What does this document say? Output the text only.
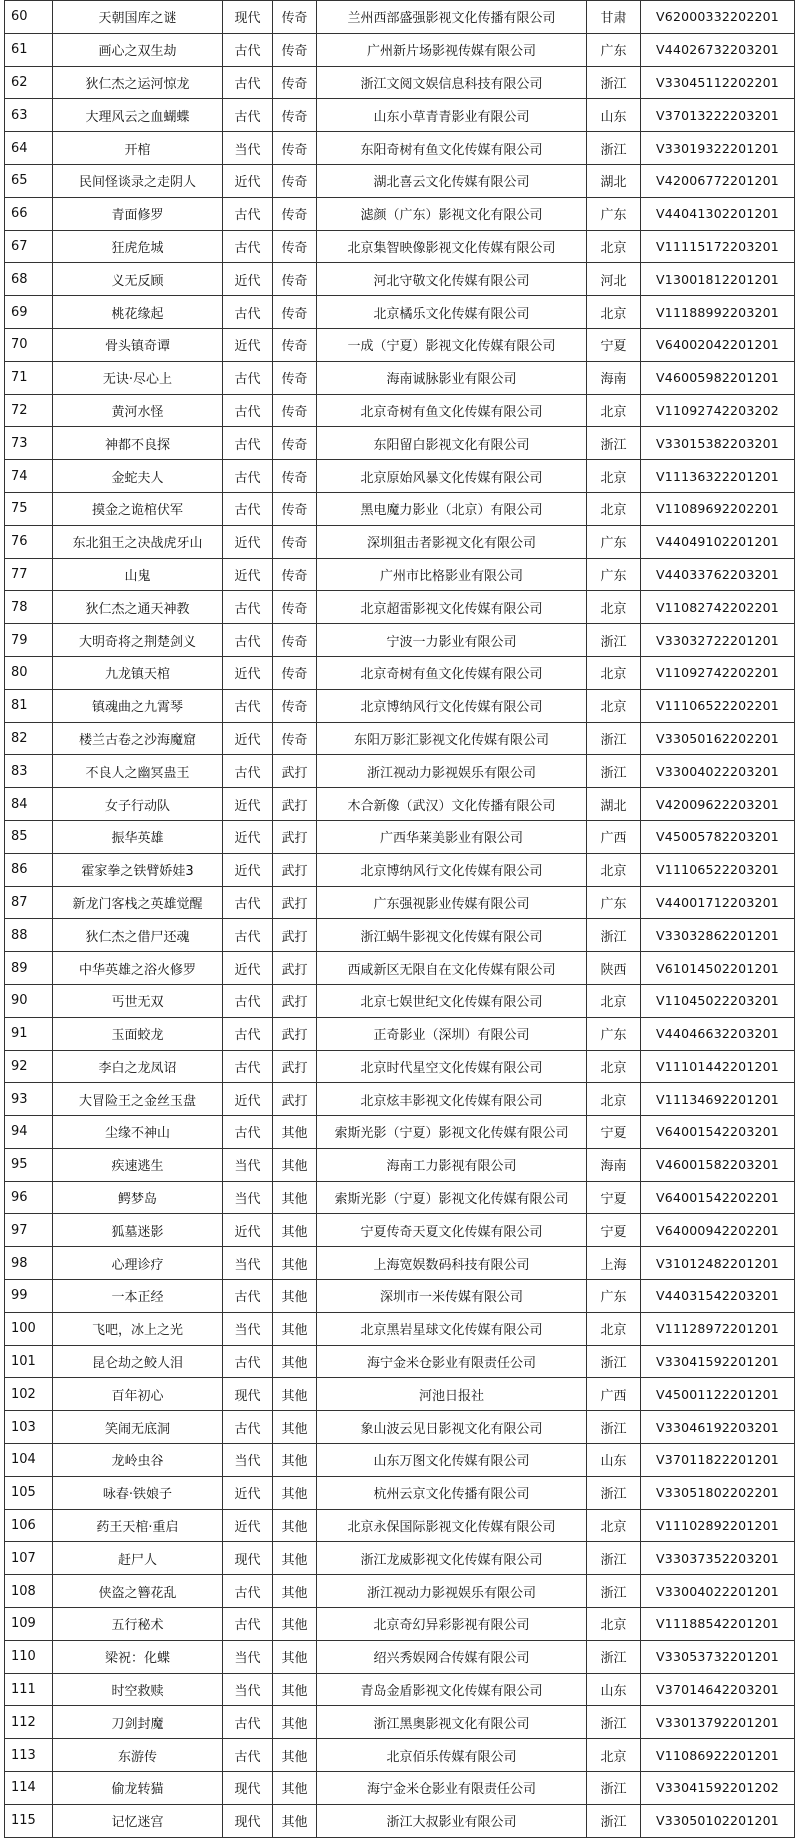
60	天朝国库之谜	现代	传奇	兰州西部盛强影视文化传播有限公司	甘肃	V62000332202201
61	画心之双生劫	古代	传奇	广州新片场影视传媒有限公司	广东	V44026732203201
62	狄仁杰之运河惊龙	古代	传奇	浙江文阅文娱信息科技有限公司	浙江	V33045112202201
63	大理风云之血蝴蝶	古代	传奇	山东小草青青影业有限公司	山东	V37013222203201
64	开棺	当代	传奇	东阳奇树有鱼文化传媒有限公司	浙江	V33019322201201
65	民间怪谈录之走阴人	近代	传奇	湖北喜云文化传媒有限公司	湖北	V42006772201201
66	青面修罗	古代	传奇	滤颜（广东）影视文化有限公司	广东	V44041302201201
67	狂虎危城	古代	传奇	北京集智映像影视文化传媒有限公司	北京	V11115172203201
68	义无反顾	近代	传奇	河北守敬文化传媒有限公司	河北	V13001812201201
69	桃花缘起	古代	传奇	北京橘乐文化传媒有限公司	北京	V11188992203201
70	骨头镇奇谭	近代	传奇	一成（宁夏）影视文化传媒有限公司	宁夏	V64002042201201
71	无诀·尽心上	古代	传奇	海南诚脉影业有限公司	海南	V46005982201201
72	黄河水怪	古代	传奇	北京奇树有鱼文化传媒有限公司	北京	V11092742203202
73	神都不良探	古代	传奇	东阳留白影视文化有限公司	浙江	V33015382203201
74	金蛇夫人	古代	传奇	北京原始风暴文化传媒有限公司	北京	V11136322201201
75	摸金之诡棺伏军	古代	传奇	黑电魔力影业（北京）有限公司	北京	V11089692202201
76	东北狙王之决战虎牙山	近代	传奇	深圳狙击者影视文化有限公司	广东	V44049102201201
77	山鬼	近代	传奇	广州市比格影业有限公司	广东	V44033762203201
78	狄仁杰之通天神教	古代	传奇	北京超雷影视文化传媒有限公司	北京	V11082742202201
79	大明奇将之荆楚剑义	古代	传奇	宁波一力影业有限公司	浙江	V33032722201201
80	九龙镇天棺	近代	传奇	北京奇树有鱼文化传媒有限公司	北京	V11092742202201
81	镇魂曲之九霄琴	古代	传奇	北京博纳风行文化传媒有限公司	北京	V11106522202201
82	楼兰古卷之沙海魔窟	近代	传奇	东阳万影汇影视文化传媒有限公司	浙江	V33050162202201
83	不良人之幽冥蛊王	古代	武打	浙江视动力影视娱乐有限公司	浙江	V33004022203201
84	女子行动队	近代	武打	木合新像（武汉）文化传播有限公司	湖北	V42009622203201
85	振华英雄	近代	武打	广西华莱美影业有限公司	广西	V45005782203201
86	霍家拳之铁臂娇娃3	近代	武打	北京博纳风行文化传媒有限公司	北京	V11106522203201
87	新龙门客栈之英雄觉醒	古代	武打	广东强视影业传媒有限公司	广东	V44001712203201
88	狄仁杰之借尸还魂	古代	武打	浙江蜗牛影视文化传媒有限公司	浙江	V33032862201201
89	中华英雄之浴火修罗	近代	武打	西咸新区无限自在文化传媒有限公司	陕西	V61014502201201
90	丐世无双	古代	武打	北京七娱世纪文化传媒有限公司	北京	V11045022203201
91	玉面蛟龙	古代	武打	正奇影业（深圳）有限公司	广东	V44046632203201
92	李白之龙凤诏	古代	武打	北京时代星空文化传媒有限公司	北京	V11101442201201
93	大冒险王之金丝玉盘	近代	武打	北京炫丰影视文化传媒有限公司	北京	V11134692201201
94	尘缘不神山	古代	其他	索斯光影（宁夏）影视文化传媒有限公司	宁夏	V64001542203201
95	疾速逃生	当代	其他	海南工力影视有限公司	海南	V46001582203201
96	鳄梦岛	当代	其他	索斯光影（宁夏）影视文化传媒有限公司	宁夏	V64001542202201
97	狐墓迷影	近代	其他	宁夏传奇天夏文化传媒有限公司	宁夏	V64000942202201
98	心理诊疗	当代	其他	上海宽娱数码科技有限公司	上海	V31012482201201
99	一本正经	古代	其他	深圳市一米传媒有限公司	广东	V44031542203201
100	飞吧，冰上之光	当代	其他	北京黑岩星球文化传媒有限公司	北京	V11128972201201
101	昆仑劫之鲛人泪	古代	其他	海宁金米仓影业有限责任公司	浙江	V33041592201201
102	百年初心	现代	其他	河池日报社	广西	V45001122201201
103	笑闹无底洞	古代	其他	象山波云见日影视文化有限公司	浙江	V33046192203201
104	龙岭虫谷	当代	其他	山东万图文化传媒有限公司	山东	V37011822201201
105	咏春·铁娘子	近代	其他	杭州云京文化传播有限公司	浙江	V33051802202201
106	药王天棺·重启	近代	其他	北京永保国际影视文化传媒有限公司	北京	V11102892201201
107	赶尸人	现代	其他	浙江龙威影视文化传媒有限公司	浙江	V33037352203201
108	侠盗之簪花乱	古代	其他	浙江视动力影视娱乐有限公司	浙江	V33004022201201
109	五行秘术	古代	其他	北京奇幻异彩影视有限公司	北京	V11188542201201
110	梁祝：化蝶	当代	其他	绍兴秀娱网合传媒有限公司	浙江	V33053732201201
111	时空救赎	当代	其他	青岛金盾影视文化传媒有限公司	山东	V37014642203201
112	刀剑封魔	古代	其他	浙江黑奥影视文化有限公司	浙江	V33013792201201
113	东游传	古代	其他	北京佰乐传媒有限公司	北京	V11086922201201
114	偷龙转猫	现代	其他	海宁金米仓影业有限责任公司	浙江	V33041592201202
115	记忆迷宫	现代	其他	浙江大叔影业有限公司	浙江	V33050102201201
